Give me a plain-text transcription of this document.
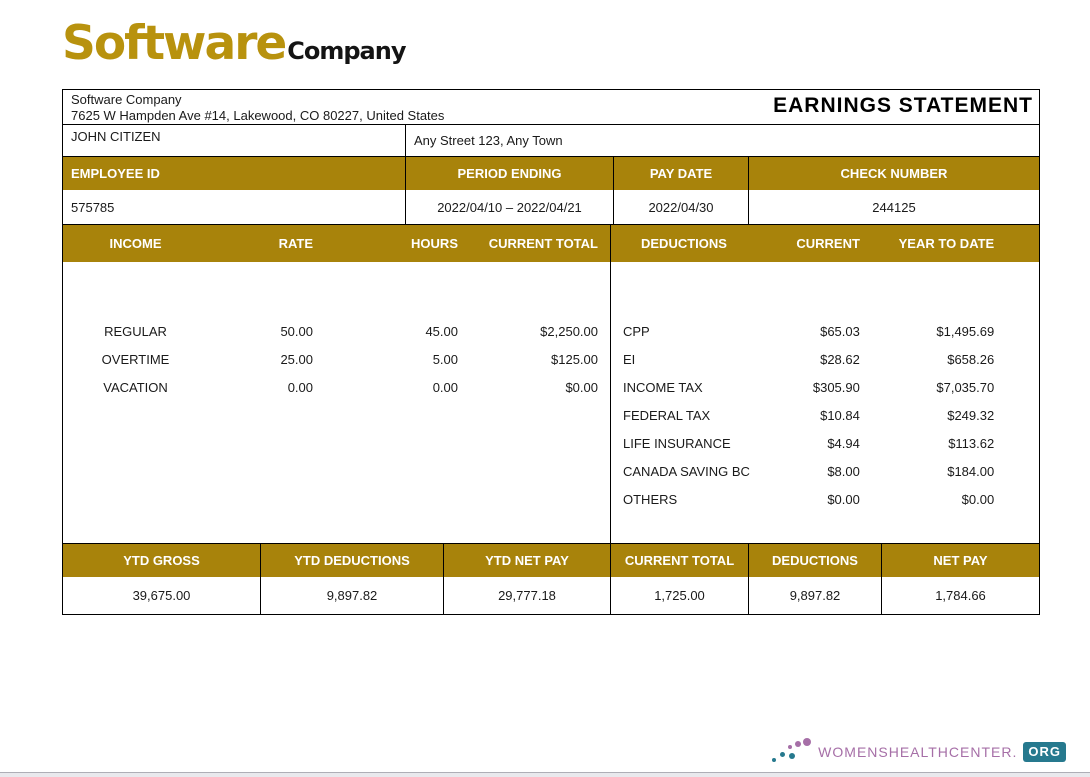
Software Company
Software Company
7625 W Hampden Ave #14, Lakewood, CO 80227, United States	EARNINGS STATEMENT
JOHN CITIZEN	Any Street 123, Any Town
EMPLOYEE ID	PERIOD ENDING	PAY DATE	CHECK NUMBER
575785	2022/04/10 – 2022/04/21	2022/04/30	244125
INCOME	RATE	HOURS	CURRENT TOTAL	DEDUCTIONS	CURRENT	YEAR TO DATE
REGULAR	50.00	45.00	$2,250.00
OVERTIME	25.00	5.00	$125.00
VACATION	0.00	0.00	$0.00
CPP	$65.03	$1,495.69
EI	$28.62	$658.26
INCOME TAX	$305.90	$7,035.70
FEDERAL TAX	$10.84	$249.32
LIFE INSURANCE	$4.94	$113.62
CANADA SAVING BC	$8.00	$184.00
OTHERS	$0.00	$0.00
YTD GROSS	YTD DEDUCTIONS	YTD NET PAY	CURRENT TOTAL	DEDUCTIONS	NET PAY
39,675.00	9,897.82	29,777.18	1,725.00	9,897.82	1,784.66
WOMENSHEALTHCENTER. ORG
